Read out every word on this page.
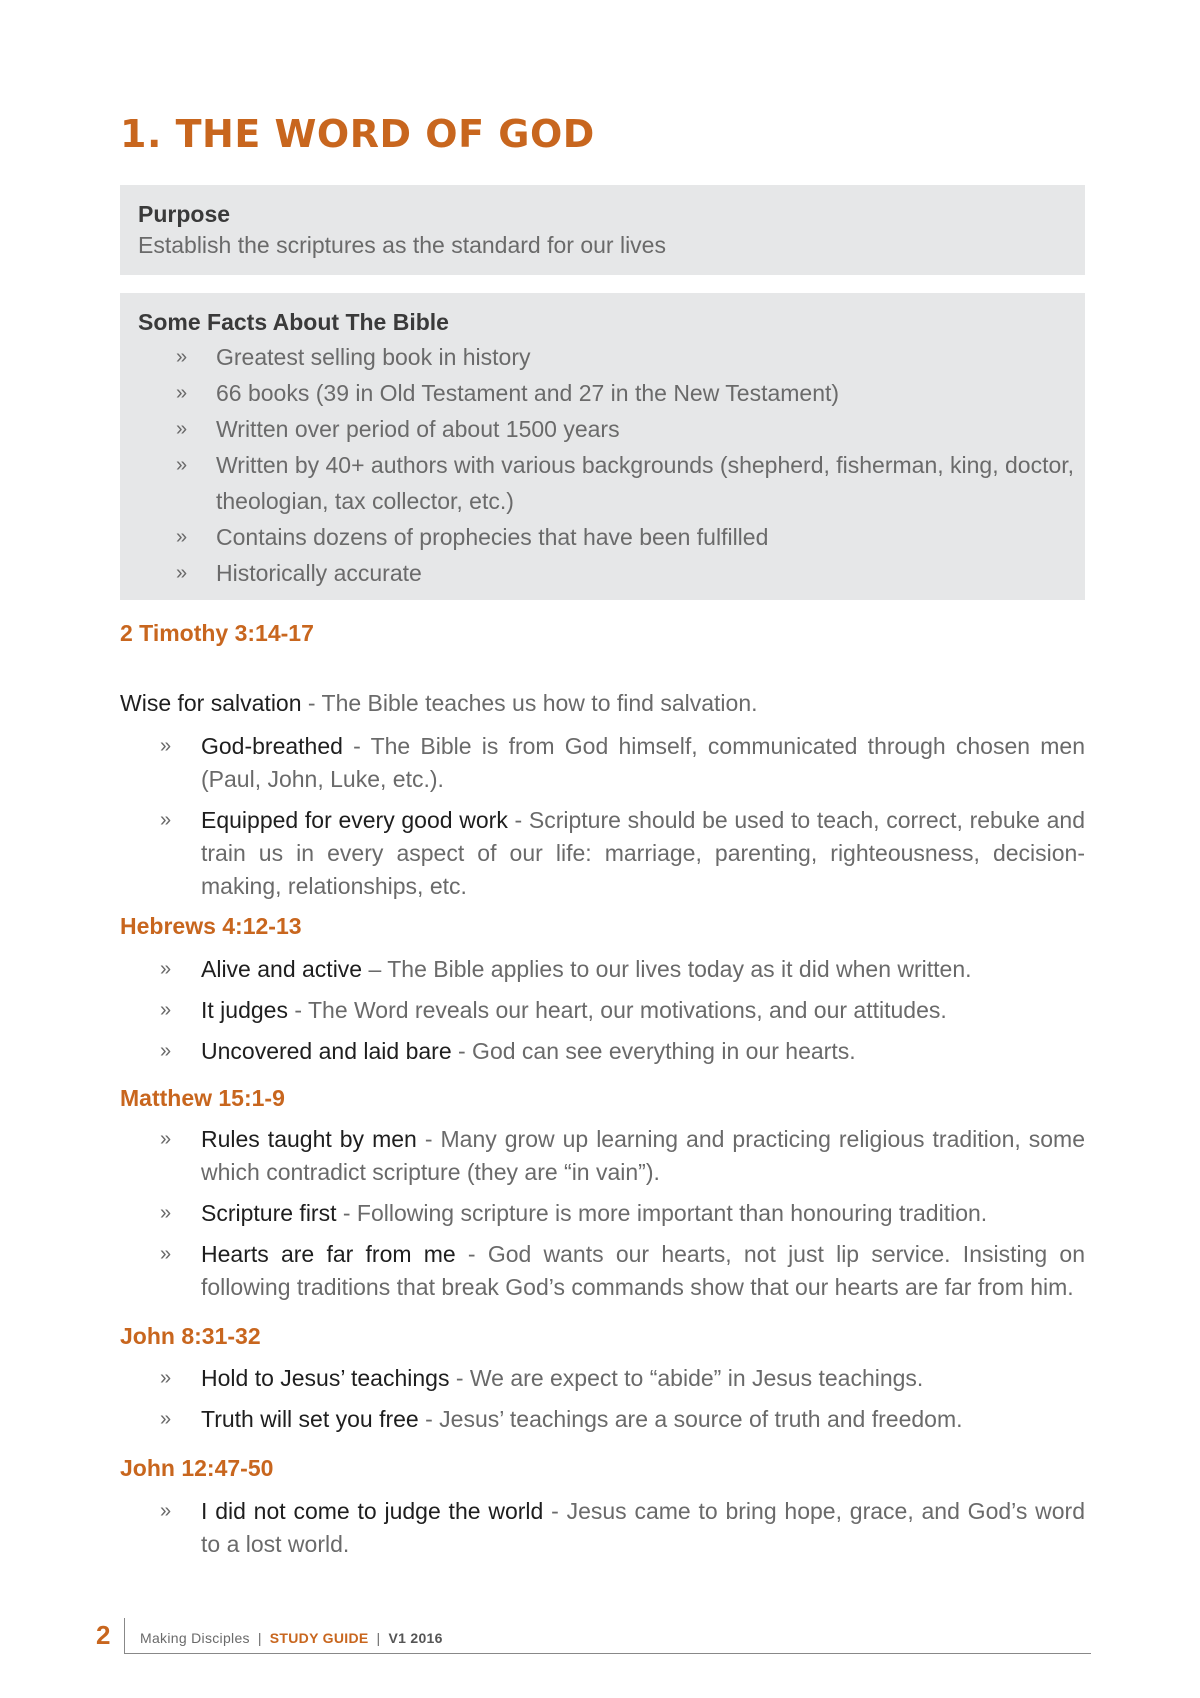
1. THE WORD OF GOD
Purpose
Establish the scriptures as the standard for our lives
Some Facts About The Bible
» Greatest selling book in history
» 66 books (39 in Old Testament and 27 in the New Testament)
» Written over period of about 1500 years
» Written by 40+ authors with various backgrounds (shepherd, fisherman, king, doctor, theologian, tax collector, etc.)
» Contains dozens of prophecies that have been fulfilled
» Historically accurate
2 Timothy 3:14-17
Wise for salvation - The Bible teaches us how to find salvation.
» God-breathed - The Bible is from God himself, communicated through chosen men (Paul, John, Luke, etc.).
» Equipped for every good work - Scripture should be used to teach, correct, rebuke and train us in every aspect of our life: marriage, parenting, righteousness, decision-making, relationships, etc.
Hebrews 4:12-13
» Alive and active – The Bible applies to our lives today as it did when written.
» It judges - The Word reveals our heart, our motivations, and our attitudes.
» Uncovered and laid bare - God can see everything in our hearts.
Matthew 15:1-9
» Rules taught by men - Many grow up learning and practicing religious tradition, some which contradict scripture (they are “in vain”).
» Scripture first - Following scripture is more important than honouring tradition.
» Hearts are far from me - God wants our hearts, not just lip service. Insisting on following traditions that break God’s commands show that our hearts are far from him.
John 8:31-32
» Hold to Jesus’ teachings - We are expect to “abide” in Jesus teachings.
» Truth will set you free - Jesus’ teachings are a source of truth and freedom.
John 12:47-50
» I did not come to judge the world - Jesus came to bring hope, grace, and God’s word to a lost world.
2 Making Disciples | STUDY GUIDE | V1 2016
